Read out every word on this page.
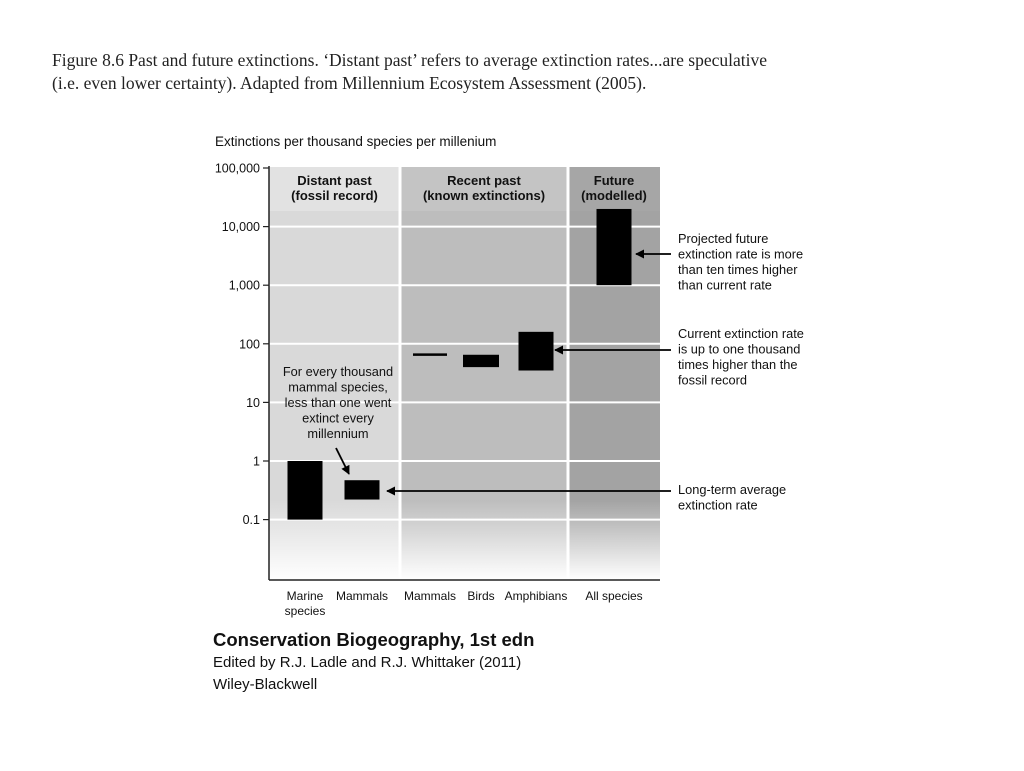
Figure 8.6 Past and future extinctions. ‘Distant past’ refers to average extinction rates...are speculative
(i.e. even lower certainty). Adapted from Millennium Ecosystem Assessment (2005).
Extinctions per thousand species per millenium
Distant past
(fossil record)
Recent past
(known extinctions)
Future
(modelled)
100,000
10,000
1,000
100
10
1
0.1
Marine
species
Mammals Mammals Birds Amphibians All species
Projected future
extinction rate is more
than ten times higher
than current rate
Current extinction rate
is up to one thousand
times higher than the
fossil record
Long-term average
extinction rate
For every thousand
mammal species,
less than one went
extinct every
millennium
Conservation Biogeography, 1st edn
Edited by R.J. Ladle and R.J. Whittaker (2011)
Wiley-Blackwell
